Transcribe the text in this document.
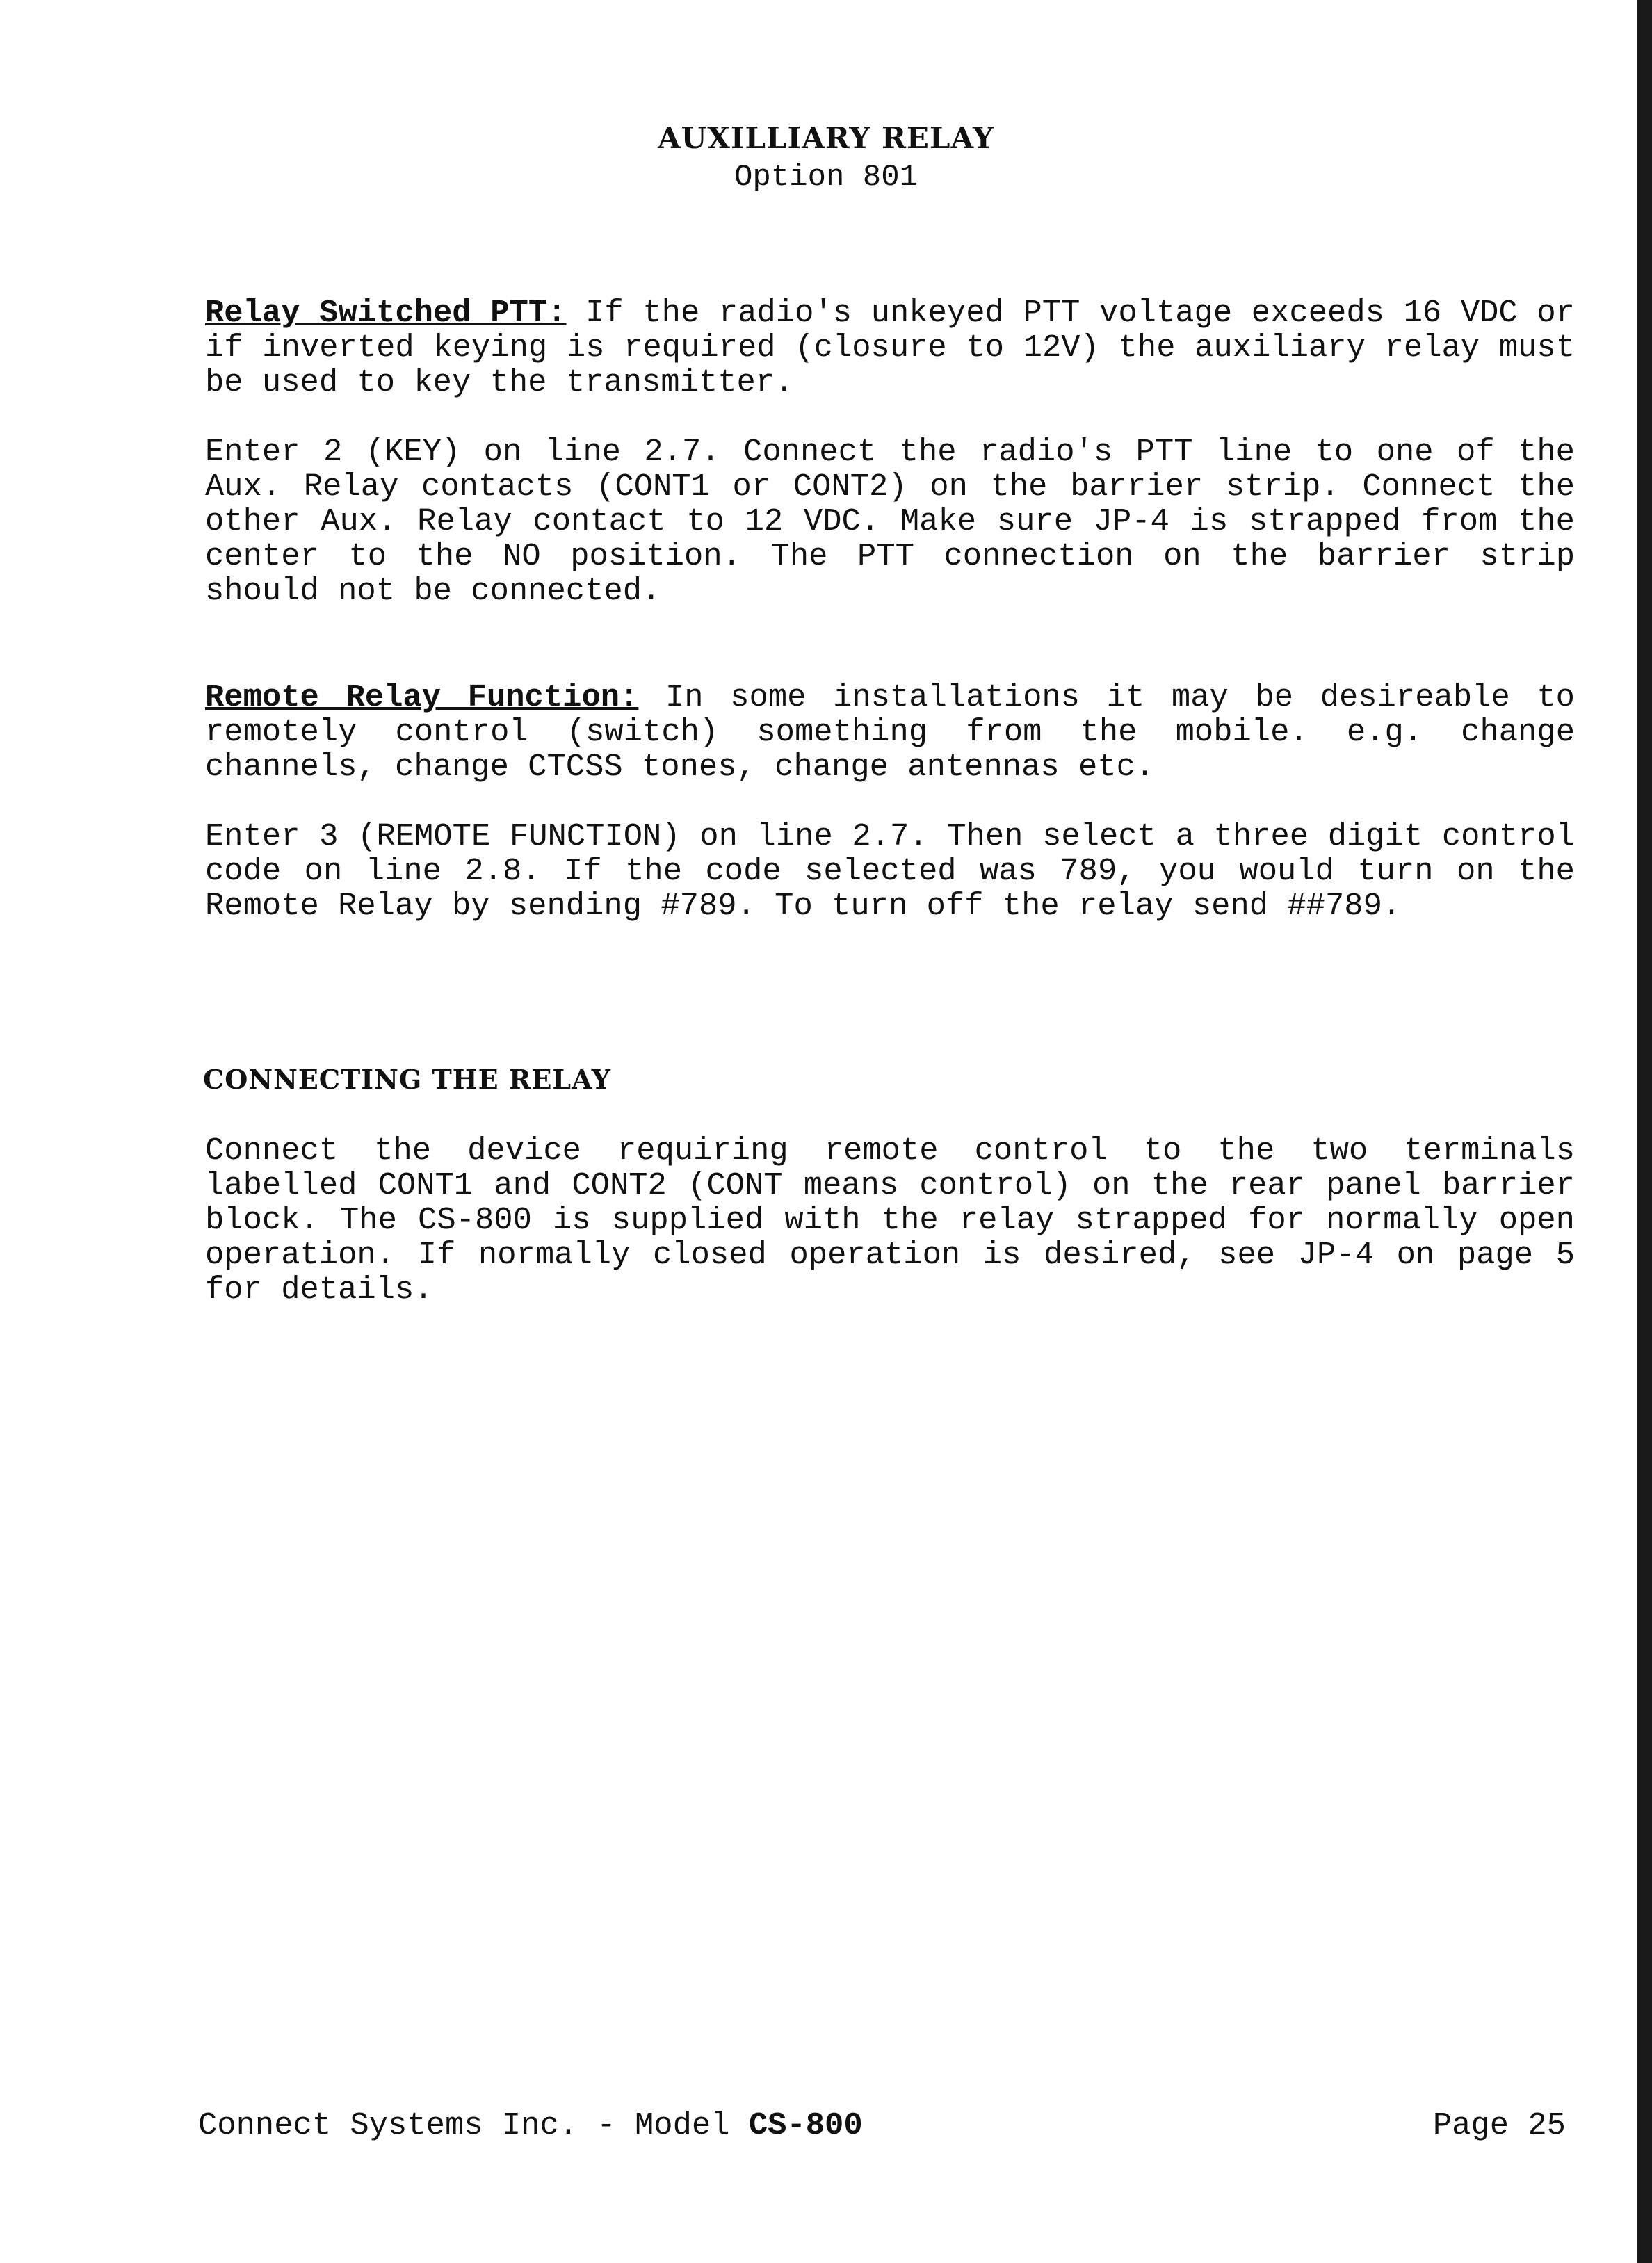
AUXILLIARY RELAY

Option 801

Relay Switched PTT: If the radio's unkeyed PTT voltage exceeds 16 VDC or if inverted keying is required (closure to 12V) the auxiliary relay must be used to key the transmitter.

Enter 2 (KEY) on line 2.7. Connect the radio's PTT line to one of the Aux. Relay contacts (CONT1 or CONT2) on the barrier strip. Connect the other Aux. Relay contact to 12 VDC. Make sure JP-4 is strapped from the center to the NO position. The PTT connection on the barrier strip should not be connected.

Remote Relay Function: In some installations it may be desireable to remotely control (switch) something from the mobile. e.g. change channels, change CTCSS tones, change antennas etc.

Enter 3 (REMOTE FUNCTION) on line 2.7. Then select a three digit control code on line 2.8. If the code selected was 789, you would turn on the Remote Relay by sending #789. To turn off the relay send ##789.

CONNECTING THE RELAY

Connect the device requiring remote control to the two terminals labelled CONT1 and CONT2 (CONT means control) on the rear panel barrier block. The CS-800 is supplied with the relay strapped for normally open operation. If normally closed operation is desired, see JP-4 on page 5 for details.

Connect Systems Inc. - Model CS-800	Page 25
